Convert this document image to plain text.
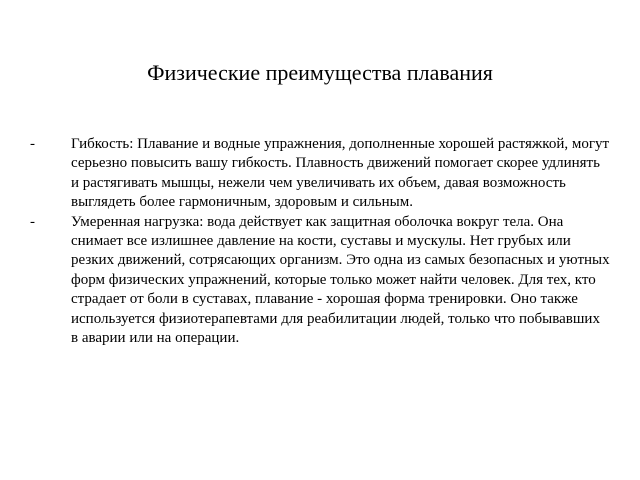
Физические преимущества плавания
- Гибкость: Плавание и водные упражнения, дополненные хорошей растяжкой, могут серьезно повысить вашу гибкость. Плавность движений помогает скорее удлинять и растягивать мышцы, нежели чем увеличивать их объем, давая возможность выглядеть более гармоничным, здоровым и сильным.
- Умеренная нагрузка: вода действует как защитная оболочка вокруг тела. Она снимает все излишнее давление на кости, суставы и мускулы. Нет грубых или резких движений, сотрясающих организм. Это одна из самых безопасных и уютных форм физических упражнений, которые только может найти человек. Для тех, кто страдает от боли в суставах, плавание - хорошая форма тренировки. Оно также используется физиотерапевтами для реабилитации людей, только что побывавших в аварии или на операции.
